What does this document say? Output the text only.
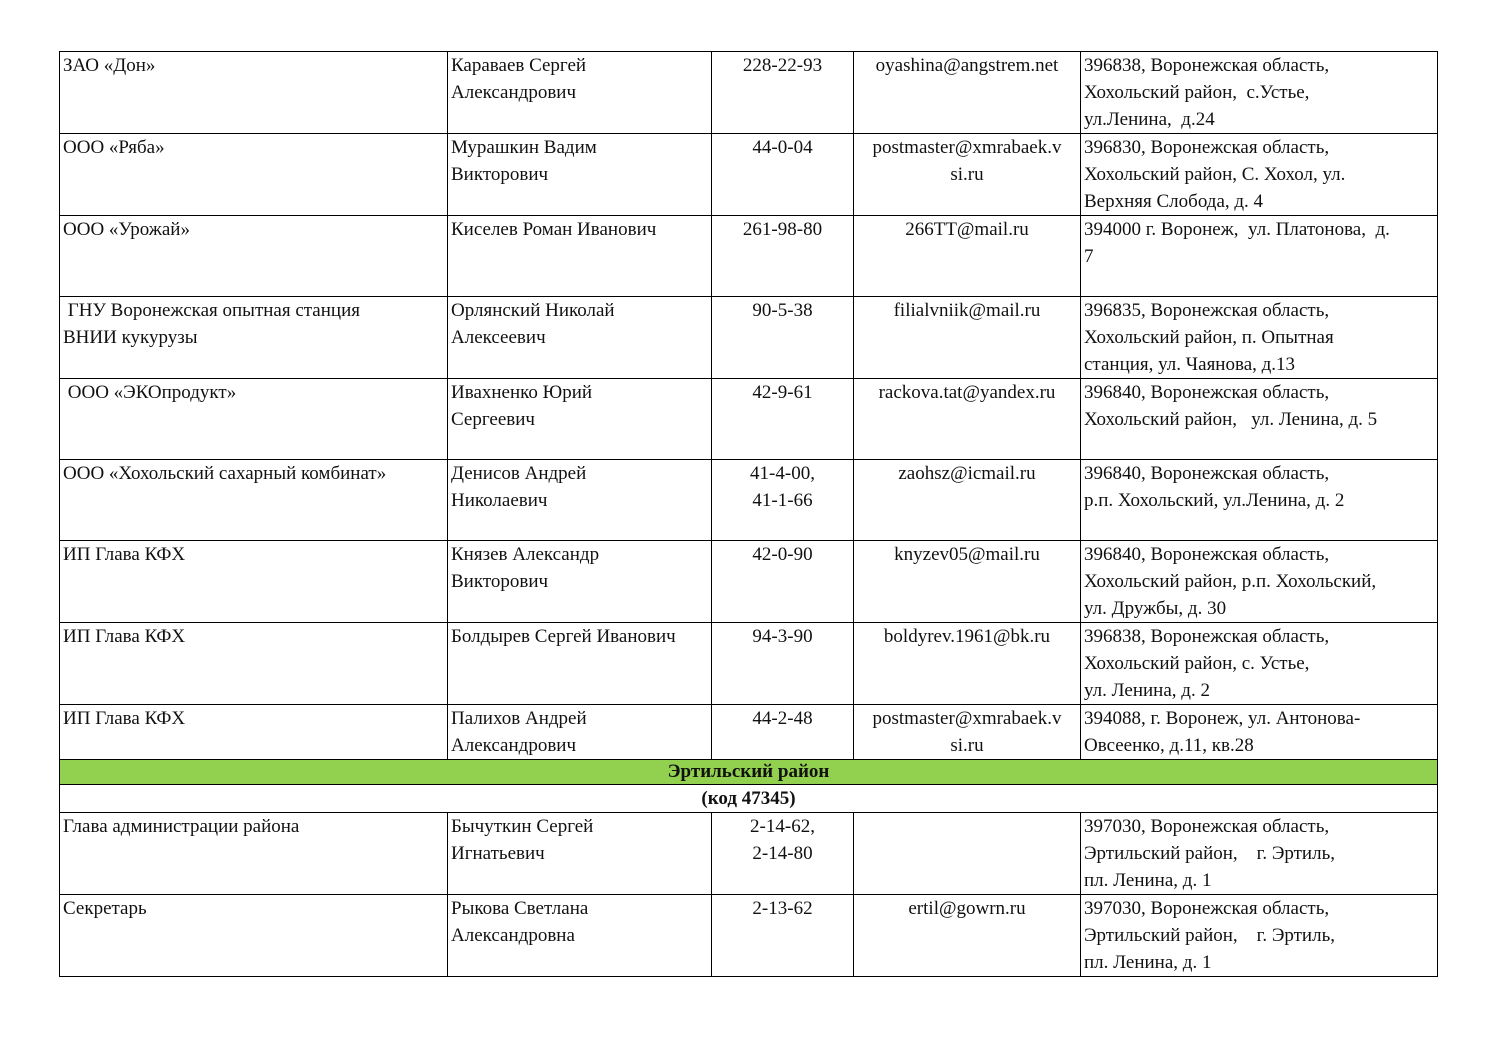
ЗАО «Дон»	Караваев Сергей
Александрович	228-22-93	oyashina@angstrem.net	396838, Воронежская область,
Хохольский район,  с.Устье,
ул.Ленина,  д.24

ООО «Ряба»	Мурашкин Вадим
Викторович	44-0-04	postmaster@xmrabaek.v
si.ru	396830, Воронежская область,
Хохольский район, С. Хохол, ул.
Верхняя Слобода, д. 4

ООО «Урожай»	Киселев Роман Иванович	261-98-80	266TT@mail.ru	394000 г. Воронеж,  ул. Платонова,  д.
7

ГНУ Воронежская опытная станция
ВНИИ кукурузы	Орлянский Николай
Алексеевич	90-5-38	filialvniik@mail.ru	396835, Воронежская область,
Хохольский район, п. Опытная
станция, ул. Чаянова, д.13

ООО «ЭКОпродукт»	Ивахненко Юрий
Сергеевич	42-9-61	rackova.tat@yandex.ru	396840, Воронежская область,
Хохольский район,   ул. Ленина, д. 5

ООО «Хохольский сахарный комбинат»	Денисов Андрей
Николаевич	41-4-00,
41-1-66	zaohsz@icmail.ru	396840, Воронежская область,
р.п. Хохольский, ул.Ленина, д. 2

ИП Глава КФХ	Князев Александр
Викторович	42-0-90	knyzev05@mail.ru	396840, Воронежская область,
Хохольский район, р.п. Хохольский,
ул. Дружбы, д. 30

ИП Глава КФХ	Болдырев Сергей Иванович	94-3-90	boldyrev.1961@bk.ru	396838, Воронежская область,
Хохольский район, с. Устье,
ул. Ленина, д. 2

ИП Глава КФХ	Палихов Андрей
Александрович	44-2-48	postmaster@xmrabaek.v
si.ru	394088, г. Воронеж, ул. Антонова-
Овсеенко, д.11, кв.28

Эртильский район				
(код 47345)				

Глава администрации района	Бычуткин Сергей
Игнатьевич	2-14-62,
2-14-80		397030, Воронежская область,
Эртильский район,    г. Эртиль,
пл. Ленина, д. 1

Секретарь	Рыкова Светлана
Александровна	2-13-62	ertil@gowrn.ru	397030, Воронежская область,
Эртильский район,    г. Эртиль,
пл. Ленина, д. 1
